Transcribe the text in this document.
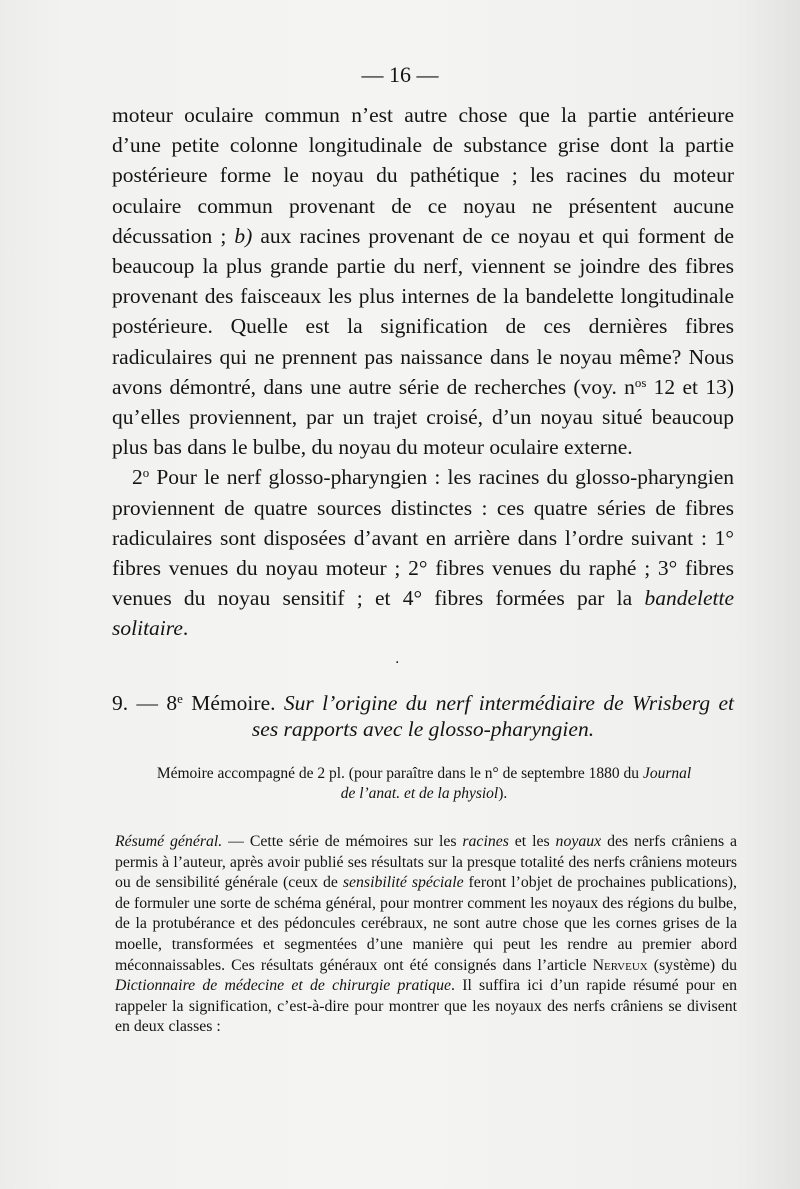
— 16 —

moteur oculaire commun n’est autre chose que la partie antérieure d’une petite colonne longitudinale de substance grise dont la partie postérieure forme le noyau du pathétique ; les racines du moteur oculaire commun provenant de ce noyau ne présentent aucune décussation ; b) aux racines provenant de ce noyau et qui forment de beaucoup la plus grande partie du nerf, viennent se joindre des fibres provenant des faisceaux les plus internes de la bandelette longitudinale postérieure. Quelle est la signification de ces dernières fibres radiculaires qui ne prennent pas naissance dans le noyau même? Nous avons démontré, dans une autre série de recherches (voy. $n^{os}$ 12 et 13) qu’elles proviennent, par un trajet croisé, d’un noyau situé beaucoup plus bas dans le bulbe, du noyau du moteur oculaire externe.

2$^o$ Pour le nerf glosso-pharyngien : les racines du glosso-pharyngien proviennent de quatre sources distinctes : ces quatre séries de fibres radiculaires sont disposées d’avant en arrière dans l’ordre suivant : 1° fibres venues du noyau moteur ; 2° fibres venues du raphé ; 3° fibres venues du noyau sensitif ; et 4° fibres formées par la bandelette solitaire.

·
9. — 8e Mémoire. Sur l’origine du nerf intermédiaire de Wrisberg et
ses rapports avec le glosso-pharyngien.
Mémoire accompagné de 2 pl. (pour paraître dans le n° de septembre 1880 du Journal de l’anat. et de la physiol).
Résumé général. — Cette série de mémoires sur les racines et les noyaux des nerfs crâniens a permis à l’auteur, après avoir publié ses résultats sur la presque totalité des nerfs crâniens moteurs ou de sensibilité générale (ceux de sensibilité spéciale feront l’objet de prochaines publications), de formuler une sorte de schéma général, pour montrer comment les noyaux des régions du bulbe, de la protubérance et des pédoncules cerébraux, ne sont autre chose que les cornes grises de la moelle, transformées et segmentées d’une manière qui peut les rendre au premier abord méconnaissables. Ces résultats généraux ont été consignés dans l’article Nerveux (système) du Dictionnaire de médecine et de chirurgie pratique. Il suffira ici d’un rapide résumé pour en rappeler la signification, c’est-à-dire pour montrer que les noyaux des nerfs crâniens se divisent en deux classes :
